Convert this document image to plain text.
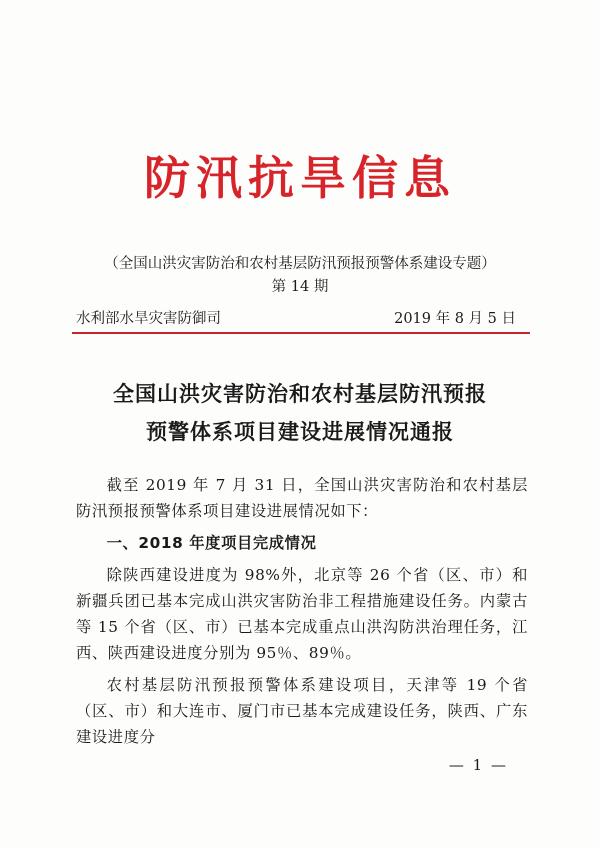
防汛抗旱信息
（全国山洪灾害防治和农村基层防汛预报预警体系建设专题）
第 14 期
水利部水旱灾害防御司	2019 年 8 月 5 日
全国山洪灾害防治和农村基层防汛预报
预警体系项目建设进展情况通报

截至 2019 年 7 月 31 日，全国山洪灾害防治和农村基层防汛预报预警体系项目建设进展情况如下：

一、2018 年度项目完成情况

除陕西建设进度为 98%外，北京等 26 个省（区、市）和新疆兵团已基本完成山洪灾害防治非工程措施建设任务。内蒙古等 15 个省（区、市）已基本完成重点山洪沟防洪治理任务，江西、陕西建设进度分别为 95％、89％。

农村基层防汛预报预警体系建设项目，天津等 19 个省（区、市）和大连市、厦门市已基本完成建设任务，陕西、广东建设进度分

— 1 —
